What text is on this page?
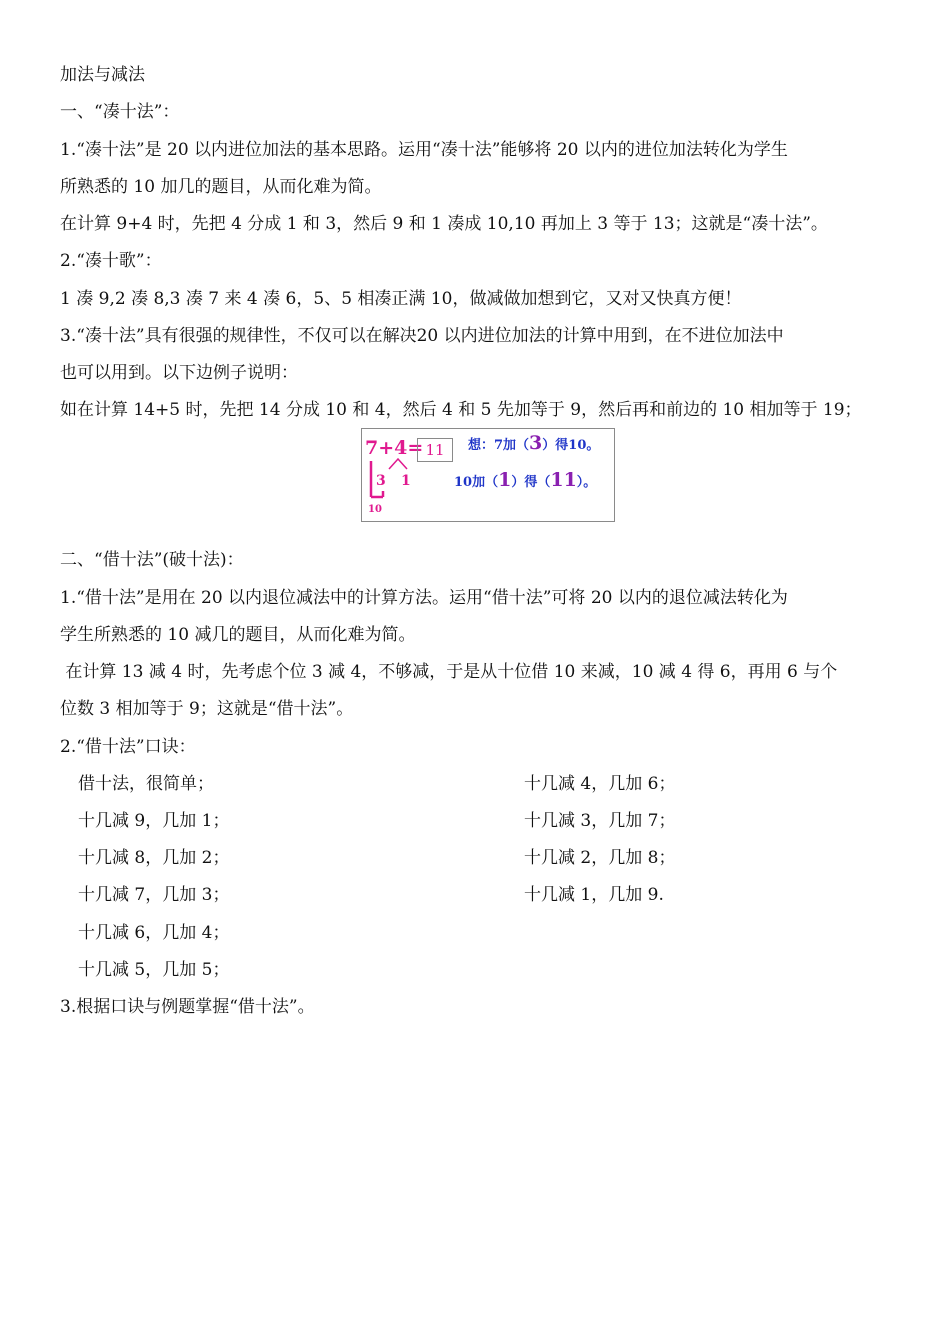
加法与减法
一、“凑十法”：
1.“凑十法”是 20 以内进位加法的基本思路。运用“凑十法”能够将 20 以内的进位加法转化为学生
所熟悉的 10 加几的题目，从而化难为简。
在计算 9+4 时，先把 4 分成 1 和 3，然后 9 和 1 凑成 10,10 再加上 3 等于 13；这就是“凑十法”。
2.“凑十歌”：
1 凑 9,2 凑 8,3 凑 7 来 4 凑 6，5、5 相凑正满 10，做减做加想到它，又对又快真方便！
3.“凑十法”具有很强的规律性，不仅可以在解决20 以内进位加法的计算中用到，在不进位加法中
也可以用到。以下边例子说明：
如在计算 14+5 时，先把 14 分成 10 和 4，然后 4 和 5 先加等于 9，然后再和前边的 10 相加等于 19；
7+4= 11
3 1
10
想：7加（3）得10。
10加（1）得（11）。
二、“借十法”(破十法)：
1.“借十法”是用在 20 以内退位减法中的计算方法。运用“借十法”可将 20 以内的退位减法转化为
学生所熟悉的 10 减几的题目，从而化难为简。
在计算 13 减 4 时，先考虑个位 3 减 4，不够减，于是从十位借 10 来减，10 减 4 得 6，再用 6 与个
位数 3 相加等于 9；这就是“借十法”。
2.“借十法”口诀：
借十法，很简单；
十几减 9，几加 1；
十几减 8，几加 2；
十几减 7，几加 3；
十几减 6，几加 4；
十几减 5，几加 5；
十几减 4，几加 6；
十几减 3，几加 7；
十几减 2，几加 8；
十几减 1，几加 9.
3.根据口诀与例题掌握“借十法”。
